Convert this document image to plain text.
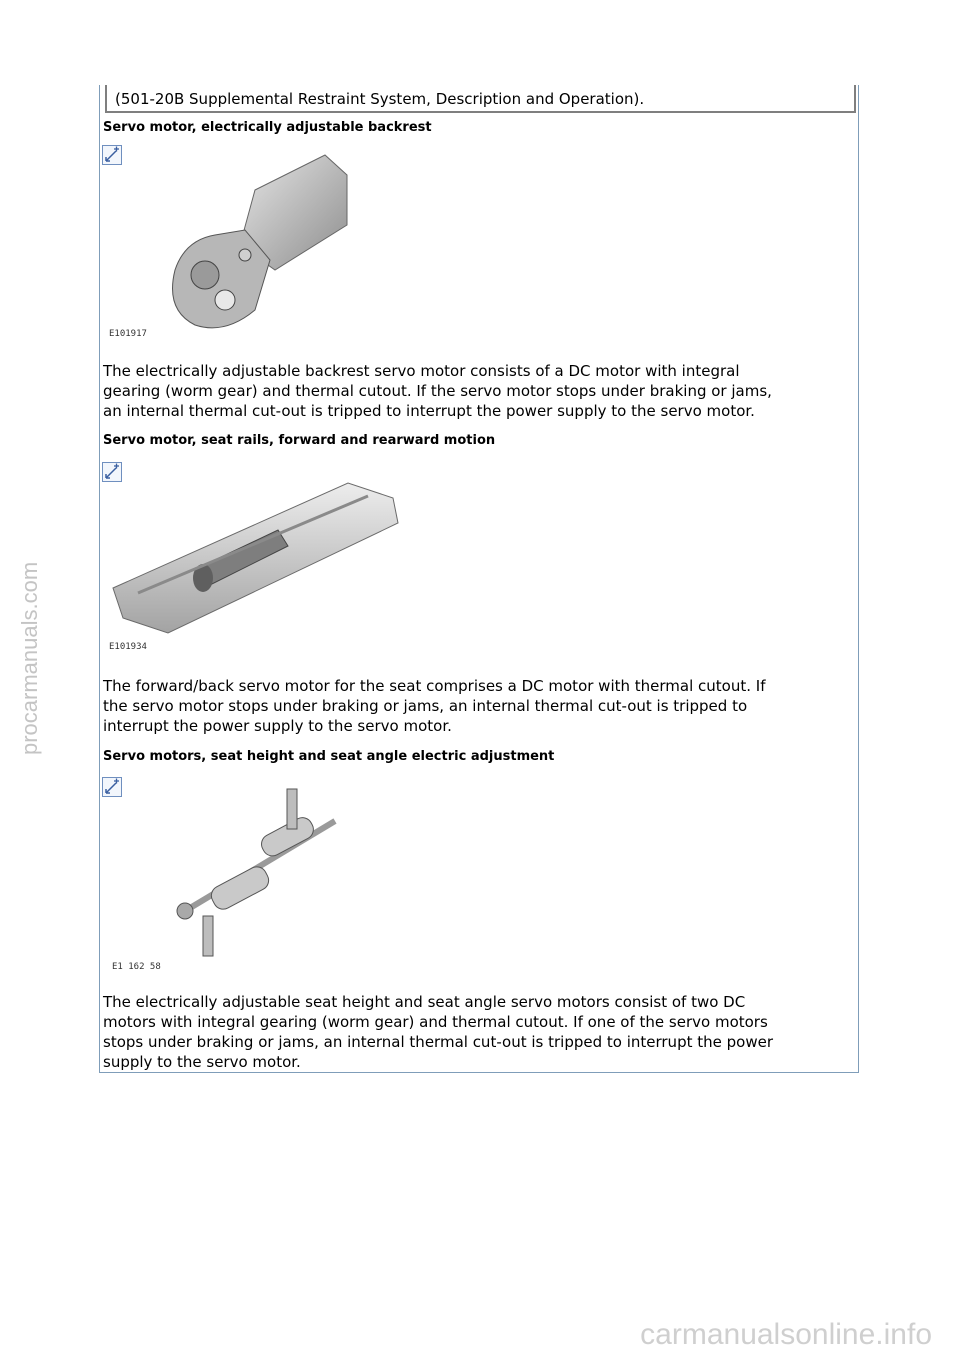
procarmanuals.com
carmanualsonline.info
(501-20B Supplemental Restraint System, Description and Operation).
Servo motor, electrically adjustable backrest
E101917
The electrically adjustable backrest servo motor consists of a DC motor with integral
gearing (worm gear) and thermal cutout. If the servo motor stops under braking or jams,
an internal thermal cut-out is tripped to interrupt the power supply to the servo motor.
Servo motor, seat rails, forward and rearward motion
E101934
The forward/back servo motor for the seat comprises a DC motor with thermal cutout. If
the servo motor stops under braking or jams, an internal thermal cut-out is tripped to
interrupt the power supply to the servo motor.
Servo motors, seat height and seat angle electric adjustment
E1 162 58
The electrically adjustable seat height and seat angle servo motors consist of two DC
motors with integral gearing (worm gear) and thermal cutout. If one of the servo motors
stops under braking or jams, an internal thermal cut-out is tripped to interrupt the power
supply to the servo motor.
